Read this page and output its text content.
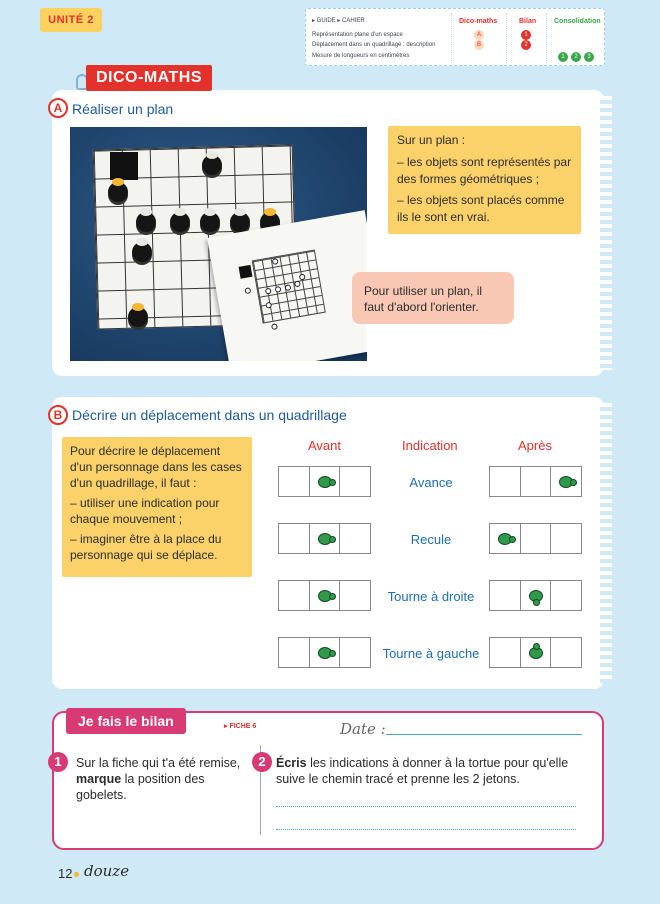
UNITÉ 2	▸ GUIDE ▸ CAHIER	Dico-maths	Bilan	Consolidation
Représentation plane d'un espace	A	1
Déplacement dans un quadrillage : description	B	2
Mesure de longueurs en centimètres	1	2	3
DICO-MATHS
A Réaliser un plan
Sur un plan :
– les objets sont représentés par des formes géométriques ;
– les objets sont placés comme ils le sont en vrai.
Pour utiliser un plan, il faut d'abord l'orienter.
B Décrire un déplacement dans un quadrillage
Pour décrire le déplacement d'un personnage dans les cases d'un quadrillage, il faut :
– utiliser une indication pour chaque mouvement ;
– imaginer être à la place du personnage qui se déplace.
Avant	Indication	Après
Avance
Recule
Tourne à droite
Tourne à gauche
Je fais le bilan	▸ FICHE 6	Date :
1	Sur la fiche qui t'a été remise, marque la position des gobelets.
2 Écris les indications à donner à la tortue pour qu'elle suive le chemin tracé et prenne les 2 jetons.
12 douze
